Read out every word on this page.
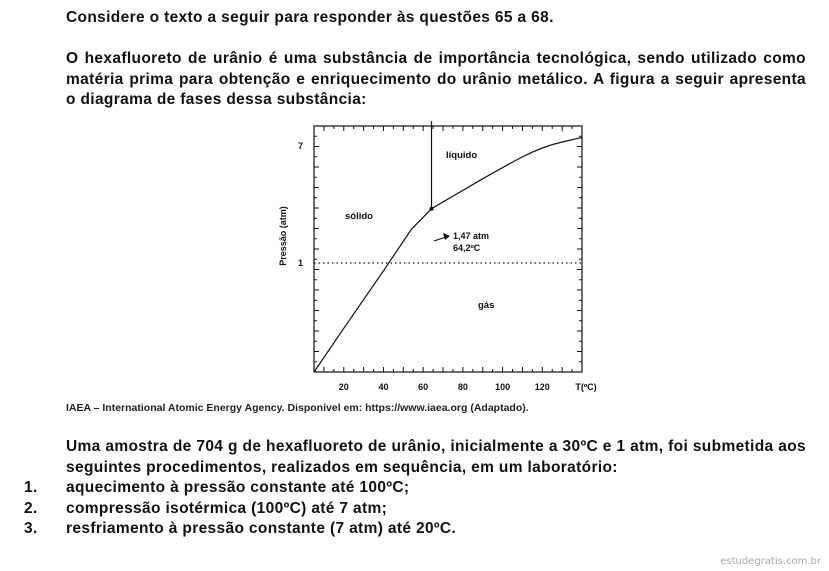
Considere o texto a seguir para responder às questões 65 a 68.

O hexafluoreto de urânio é uma substância de importância tecnológica, sendo utilizado como matéria prima para obtenção e enriquecimento do urânio metálico. A figura a seguir apresenta o diagrama de fases dessa substância:

1,47 atm
64,2ºC
líquido
sólido
gás
Pressão (atm)
7
1
20	40	60	80	100	120	T(ºC)
IAEA – International Atomic Energy Agency. Disponível em: https://www.iaea.org (Adaptado).

Uma amostra de 704 g de hexafluoreto de urânio, inicialmente a 30ºC e 1 atm, foi submetida aos seguintes procedimentos, realizados em sequência, em um laboratório:

1. aquecimento à pressão constante até 100ºC;
2. compressão isotérmica (100ºC) até 7 atm;
3. resfriamento à pressão constante (7 atm) até 20ºC.
estudegratis.com.br
